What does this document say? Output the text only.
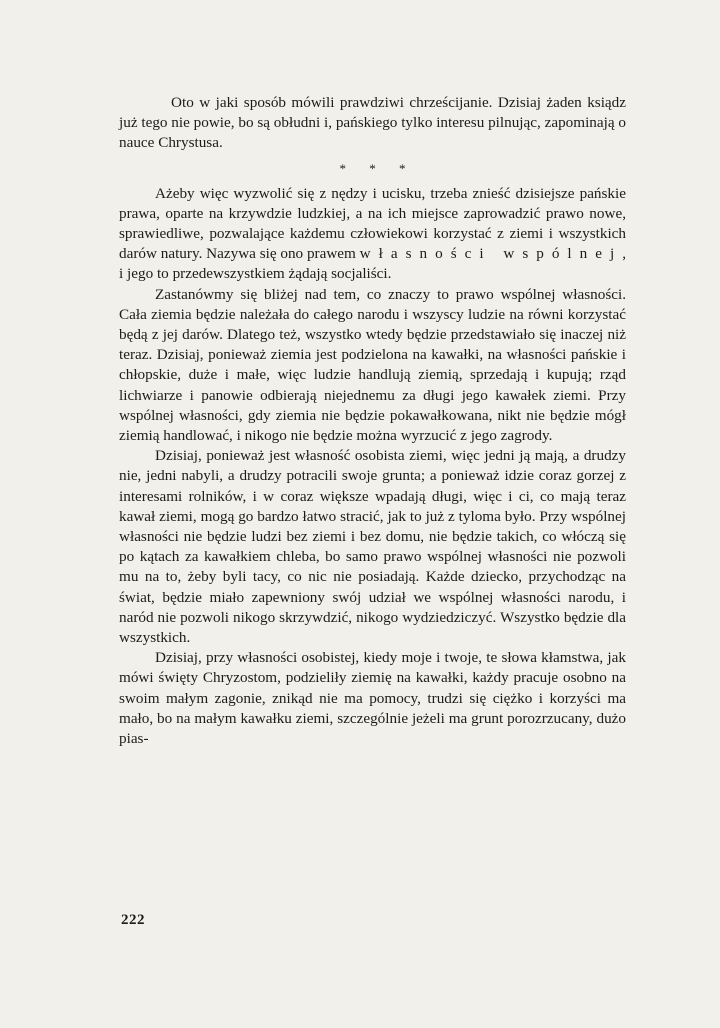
Oto w jaki sposób mówili prawdziwi chrześcijanie. Dzisiaj żaden ksiądz już tego nie powie, bo są obłudni i, pańskiego tylko interesu pilnując, zapominają o nauce Chrystusa.

* * *

Ażeby więc wyzwolić się z nędzy i ucisku, trzeba znieść dzisiejsze pańskie prawa, oparte na krzywdzie ludzkiej, a na ich miejsce zaprowadzić prawo nowe, sprawiedliwe, pozwalające każdemu człowiekowi korzystać z ziemi i wszystkich darów natury. Nazywa się ono prawem własności wspólnej, i jego to przedewszystkiem żądają socjaliści.

Zastanówmy się bliżej nad tem, co znaczy to prawo wspólnej własności. Cała ziemia będzie należała do całego narodu i wszyscy ludzie na równi korzystać będą z jej darów. Dlatego też, wszystko wtedy będzie przedstawiało się inaczej niż teraz. Dzisiaj, ponieważ ziemia jest podzielona na kawałki, na własności pańskie i chłopskie, duże i małe, więc ludzie handlują ziemią, sprzedają i kupują; rząd lichwiarze i panowie odbierają niejednemu za długi jego kawałek ziemi. Przy wspólnej własności, gdy ziemia nie będzie pokawałkowana, nikt nie będzie mógł ziemią handlować, i nikogo nie będzie można wyrzucić z jego zagrody.

Dzisiaj, ponieważ jest własność osobista ziemi, więc jedni ją mają, a drudzy nie, jedni nabyli, a drudzy potracili swoje grunta; a ponieważ idzie coraz gorzej z interesami rolników, i w coraz większe wpadają długi, więc i ci, co mają teraz kawał ziemi, mogą go bardzo łatwo stracić, jak to już z tyloma było. Przy wspólnej własności nie będzie ludzi bez ziemi i bez domu, nie będzie takich, co włóczą się po kątach za kawałkiem chleba, bo samo prawo wspólnej własności nie pozwoli mu na to, żeby byli tacy, co nic nie posiadają. Każde dziecko, przychodząc na świat, będzie miało zapewniony swój udział we wspólnej własności narodu, i naród nie pozwoli nikogo skrzywdzić, nikogo wydziedziczyć. Wszystko będzie dla wszystkich.

Dzisiaj, przy własności osobistej, kiedy moje i twoje, te słowa kłamstwa, jak mówi święty Chryzostom, podzieliły ziemię na kawałki, każdy pracuje osobno na swoim małym zagonie, znikąd nie ma pomocy, trudzi się ciężko i korzyści ma mało, bo na małym kawałku ziemi, szczególnie jeżeli ma grunt porozrzucany, dużo pias-

222
